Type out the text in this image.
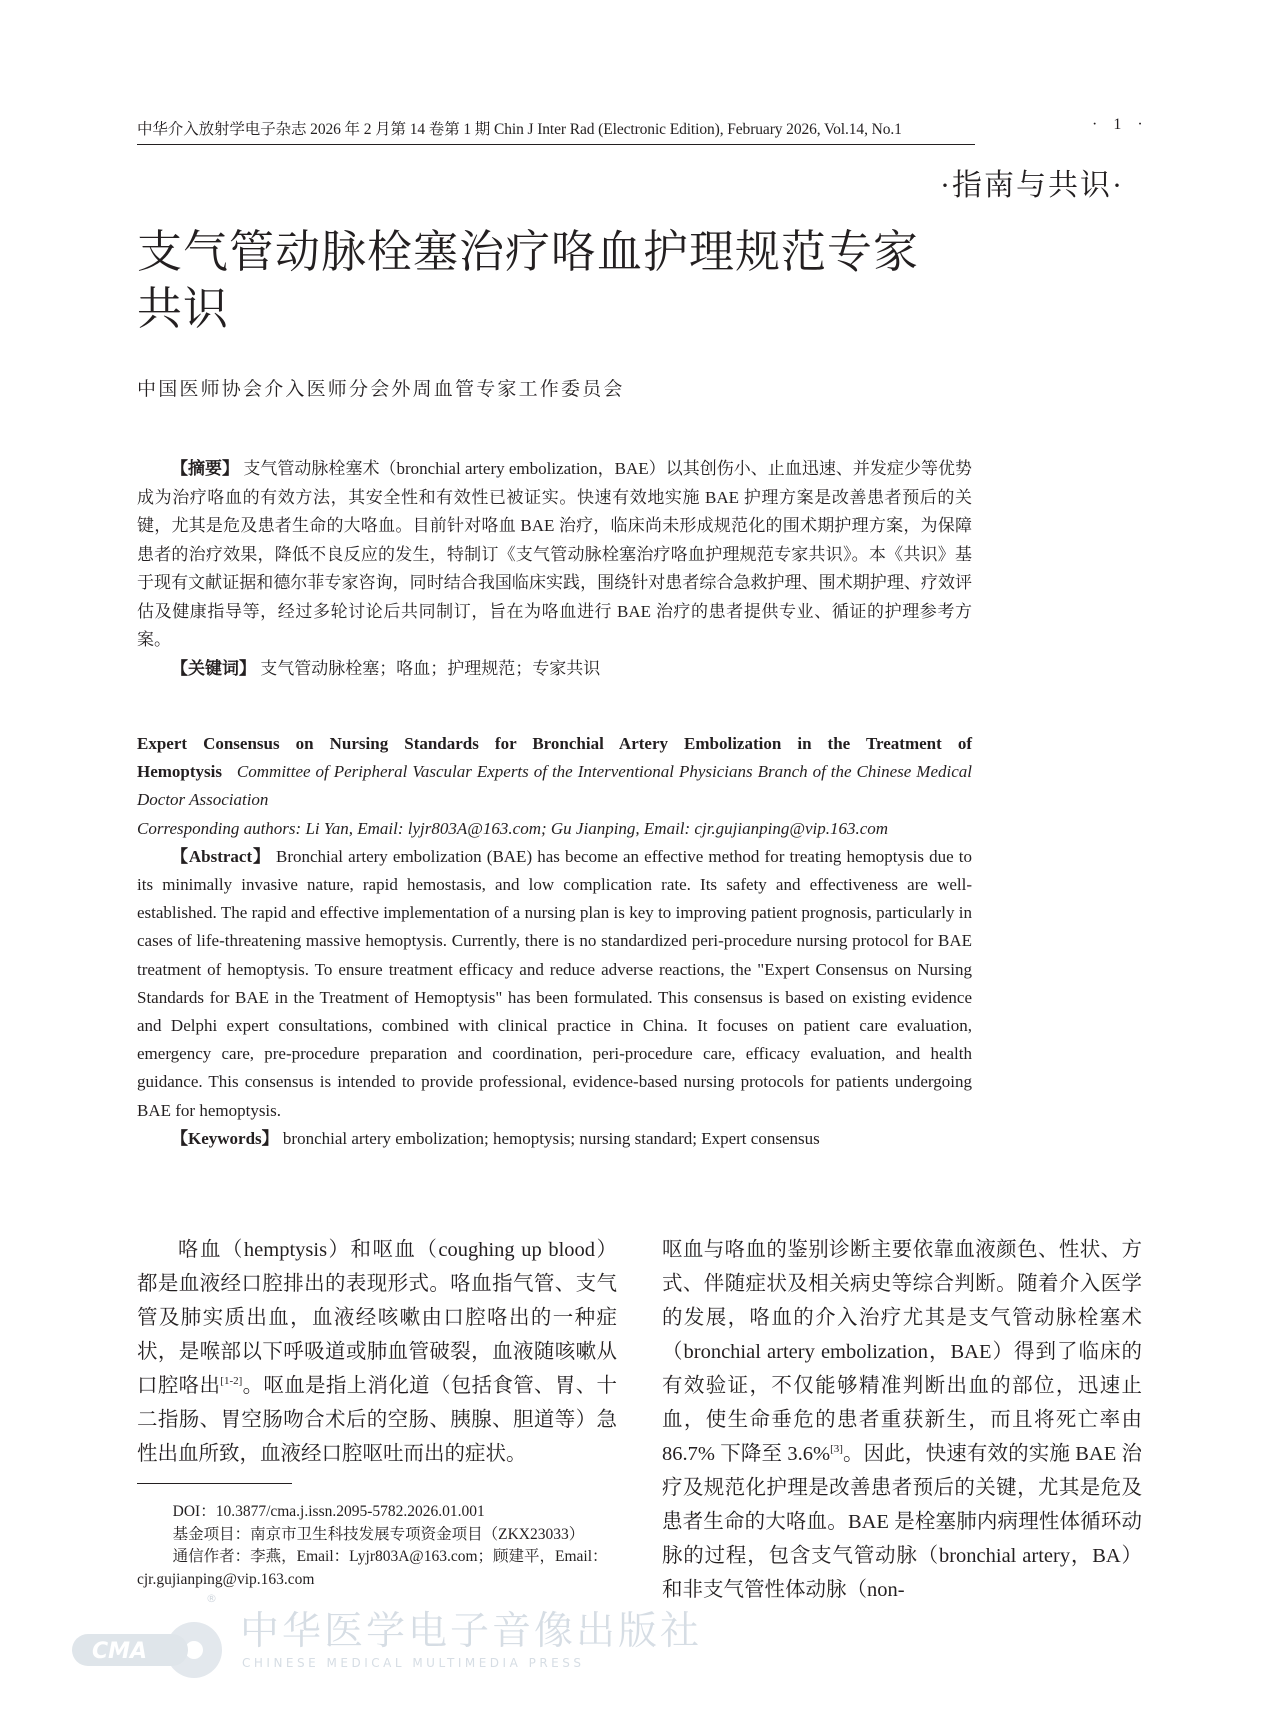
中华介入放射学电子杂志 2026 年 2 月第 14 卷第 1 期 Chin J Inter Rad (Electronic Edition), February 2026, Vol.14, No.1	· 1 ·
·指南与共识·
支气管动脉栓塞治疗咯血护理规范专家
共识
中国医师协会介入医师分会外周血管专家工作委员会

【摘要】 支气管动脉栓塞术（bronchial artery embolization，BAE）以其创伤小、止血迅速、并发症少等优势成为治疗咯血的有效方法，其安全性和有效性已被证实。快速有效地实施 BAE 护理方案是改善患者预后的关键，尤其是危及患者生命的大咯血。目前针对咯血 BAE 治疗，临床尚未形成规范化的围术期护理方案，为保障患者的治疗效果，降低不良反应的发生，特制订《支气管动脉栓塞治疗咯血护理规范专家共识》。本《共识》基于现有文献证据和德尔菲专家咨询，同时结合我国临床实践，围绕针对患者综合急救护理、围术期护理、疗效评估及健康指导等，经过多轮讨论后共同制订，旨在为咯血进行 BAE 治疗的患者提供专业、循证的护理参考方案。

【关键词】 支气管动脉栓塞；咯血；护理规范；专家共识

Expert Consensus on Nursing Standards for Bronchial Artery Embolization in the Treatment of Hemoptysis Committee of Peripheral Vascular Experts of the Interventional Physicians Branch of the Chinese Medical Doctor Association

Corresponding authors: Li Yan, Email: lyjr803A@163.com; Gu Jianping, Email: cjr.gujianping@vip.163.com

【Abstract】 Bronchial artery embolization (BAE) has become an effective method for treating hemoptysis due to its minimally invasive nature, rapid hemostasis, and low complication rate. Its safety and effectiveness are well-established. The rapid and effective implementation of a nursing plan is key to improving patient prognosis, particularly in cases of life-threatening massive hemoptysis. Currently, there is no standardized peri-procedure nursing protocol for BAE treatment of hemoptysis. To ensure treatment efficacy and reduce adverse reactions, the "Expert Consensus on Nursing Standards for BAE in the Treatment of Hemoptysis" has been formulated. This consensus is based on existing evidence and Delphi expert consultations, combined with clinical practice in China. It focuses on patient care evaluation, emergency care, pre-procedure preparation and coordination, peri-procedure care, efficacy evaluation, and health guidance. This consensus is intended to provide professional, evidence-based nursing protocols for patients undergoing BAE for hemoptysis.

【Keywords】 bronchial artery embolization; hemoptysis; nursing standard; Expert consensus

咯血（hemptysis）和呕血（coughing up blood）都是血液经口腔排出的表现形式。咯血指气管、支气管及肺实质出血，血液经咳嗽由口腔咯出的一种症状，是喉部以下呼吸道或肺血管破裂，血液随咳嗽从口腔咯出[1-2]。呕血是指上消化道（包括食管、胃、十二指肠、胃空肠吻合术后的空肠、胰腺、胆道等）急性出血所致，血液经口腔呕吐而出的症状。

呕血与咯血的鉴别诊断主要依靠血液颜色、性状、方式、伴随症状及相关病史等综合判断。随着介入医学的发展，咯血的介入治疗尤其是支气管动脉栓塞术（bronchial artery embolization，BAE）得到了临床的有效验证，不仅能够精准判断出血的部位，迅速止血，使生命垂危的患者重获新生，而且将死亡率由 86.7% 下降至 3.6%[3]。因此，快速有效的实施 BAE 治疗及规范化护理是改善患者预后的关键，尤其是危及患者生命的大咯血。BAE 是栓塞肺内病理性体循环动脉的过程，包含支气管动脉（bronchial artery，BA）和非支气管性体动脉（non-

DOI：10.3877/cma.j.issn.2095-5782.2026.01.001

基金项目：南京市卫生科技发展专项资金项目（ZKX23033）

通信作者：李燕，Email：Lyjr803A@163.com；顾建平，Email：cjr.gujianping@vip.163.com

CMA
®
中华医学电子音像出版社
CHINESE MEDICAL MULTIMEDIA PRESS
